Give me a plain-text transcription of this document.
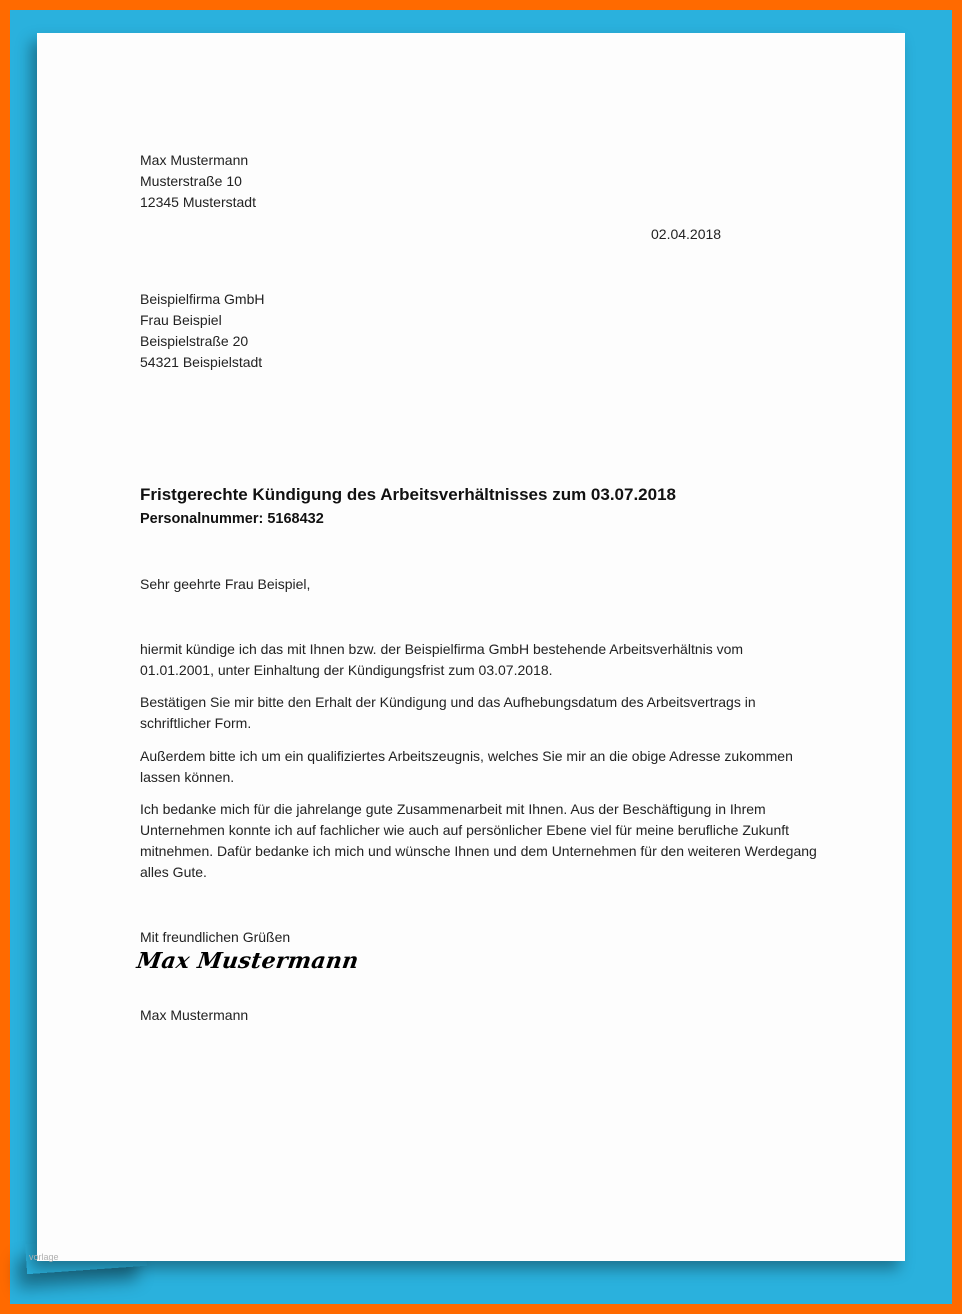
Max Mustermann
Musterstraße 10
12345 Musterstadt
02.04.2018
Beispielfirma GmbH
Frau Beispiel
Beispielstraße 20
54321 Beispielstadt
Fristgerechte Kündigung des Arbeitsverhältnisses zum 03.07.2018
Personalnummer: 5168432
Sehr geehrte Frau Beispiel,
hiermit kündige ich das mit Ihnen bzw. der Beispielfirma GmbH bestehende Arbeitsverhältnis vom 01.01.2001, unter Einhaltung der Kündigungsfrist zum 03.07.2018.
Bestätigen Sie mir bitte den Erhalt der Kündigung und das Aufhebungsdatum des Arbeitsvertrags in schriftlicher Form.
Außerdem bitte ich um ein qualifiziertes Arbeitszeugnis, welches Sie mir an die obige Adresse zukommen lassen können.
Ich bedanke mich für die jahrelange gute Zusammenarbeit mit Ihnen. Aus der Beschäftigung in Ihrem Unternehmen konnte ich auf fachlicher wie auch auf persönlicher Ebene viel für meine berufliche Zukunft mitnehmen. Dafür bedanke ich mich und wünsche Ihnen und dem Unternehmen für den weiteren Werdegang alles Gute.
Mit freundlichen Grüßen
Max Mustermann
Max Mustermann
vorlage
